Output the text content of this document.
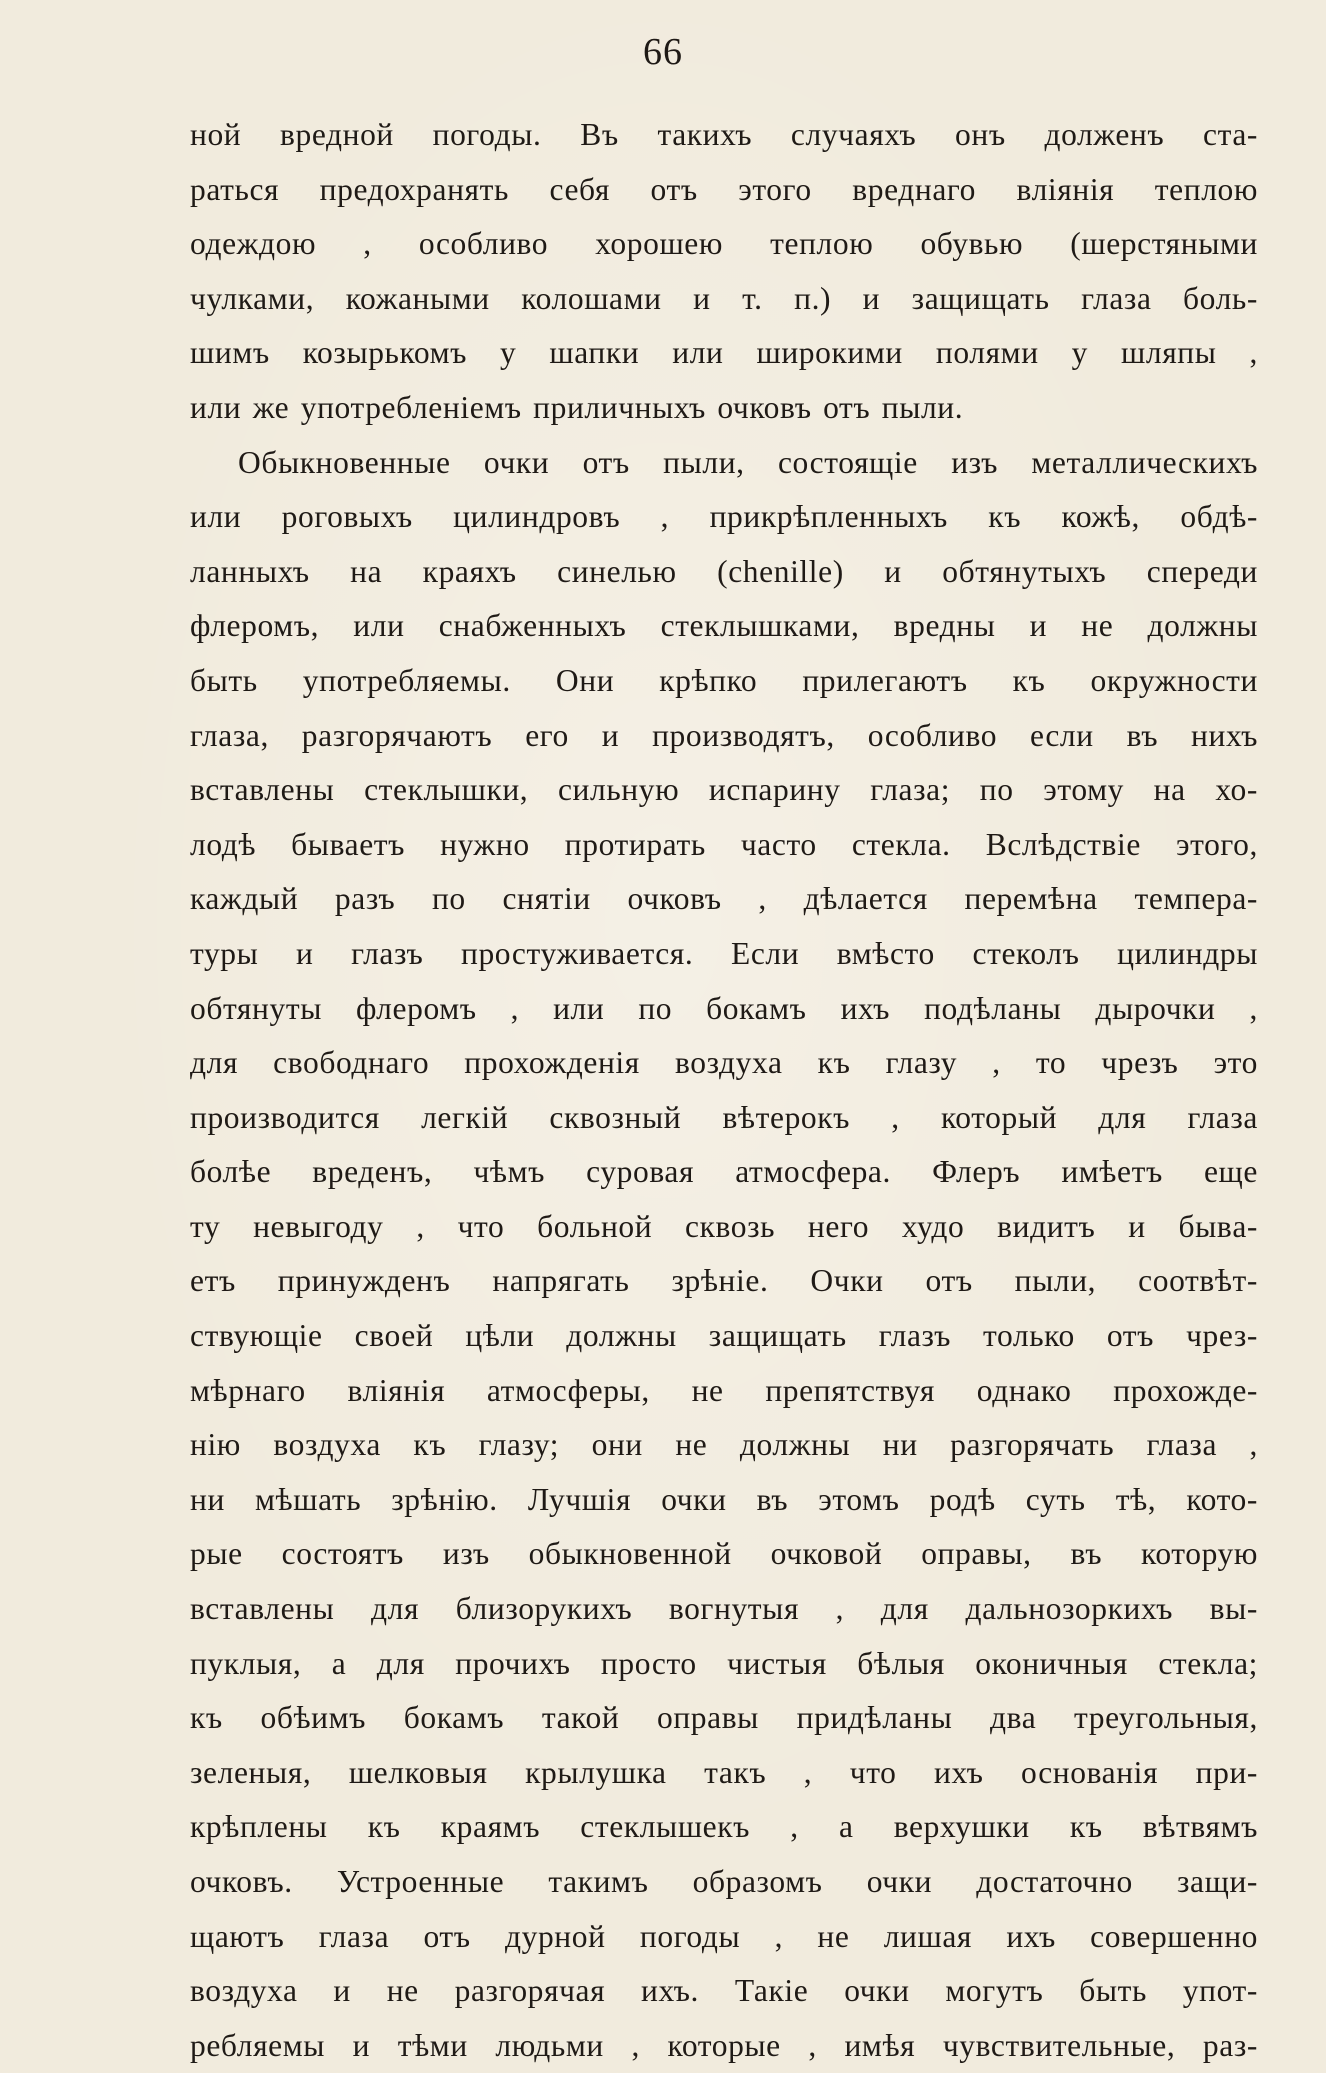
66
ной вредной погоды. Въ такихъ случаяхъ онъ долженъ ста-
раться предохранять себя отъ этого вреднаго влiянiя теплою
одеждою , особливо хорошею теплою обувью (шерстяными
чулками, кожаными колошами и т. п.) и защищать глаза боль-
шимъ козырькомъ у шапки или широкими полями у шляпы ,
или же употребленiемъ приличныхъ очковъ отъ пыли.
Обыкновенные очки отъ пыли, состоящiе изъ металлическихъ
или роговыхъ цилиндровъ , прикрѣпленныхъ къ кожѣ, обдѣ-
ланныхъ на краяхъ синелью (chenille) и обтянутыхъ спереди
флеромъ, или снабженныхъ стеклышками, вредны и не должны
быть употребляемы. Они крѣпко прилегаютъ къ окружности
глаза, разгорячаютъ его и производятъ, особливо если въ нихъ
вставлены стеклышки, сильную испарину глаза; по этому на хо-
лодѣ бываетъ нужно протирать часто стекла. Вслѣдствiе этого,
каждый разъ по снятiи очковъ , дѣлается перемѣна темпера-
туры и глазъ простуживается. Если вмѣсто стеколъ цилиндры
обтянуты флеромъ , или по бокамъ ихъ подѣланы дырочки ,
для свободнаго прохожденiя воздуха къ глазу , то чрезъ это
производится легкiй сквозный вѣтерокъ , который для глаза
болѣе вреденъ, чѣмъ суровая атмосфера. Флеръ имѣетъ еще
ту невыгоду , что больной сквозь него худо видитъ и бывa-
етъ принужденъ напрягать зрѣнiе. Очки отъ пыли, соотвѣт-
ствующiе своей цѣли должны защищать глазъ только отъ чрез-
мѣрнаго влiянiя атмосферы, не препятствуя однако прохожде-
нiю воздуха къ глазу; они не должны ни разгорячать глаза ,
ни мѣшать зрѣнiю. Лучшiя очки въ этомъ родѣ суть тѣ, кото-
рые состоятъ изъ обыкновенной очковой оправы, въ которую
вставлены для близорукихъ вогнутыя , для дальнозоркихъ вы-
пуклыя, а для прочихъ просто чистыя бѣлыя оконичныя стекла;
къ обѣимъ бокамъ такой оправы придѣланы два треугольныя,
зеленыя, шелковыя крылушка такъ , что ихъ основанiя при-
крѣплены къ краямъ стеклышекъ , а верхушки къ вѣтвямъ
очковъ. Устроенные такимъ образомъ очки достаточно защи-
щаютъ глаза отъ дурной погоды , не лишая ихъ совершенно
воздуха и не разгорячая ихъ. Такiе очки могутъ быть упот-
ребляемы и тѣми людьми , которые , имѣя чувствительные, раз-
